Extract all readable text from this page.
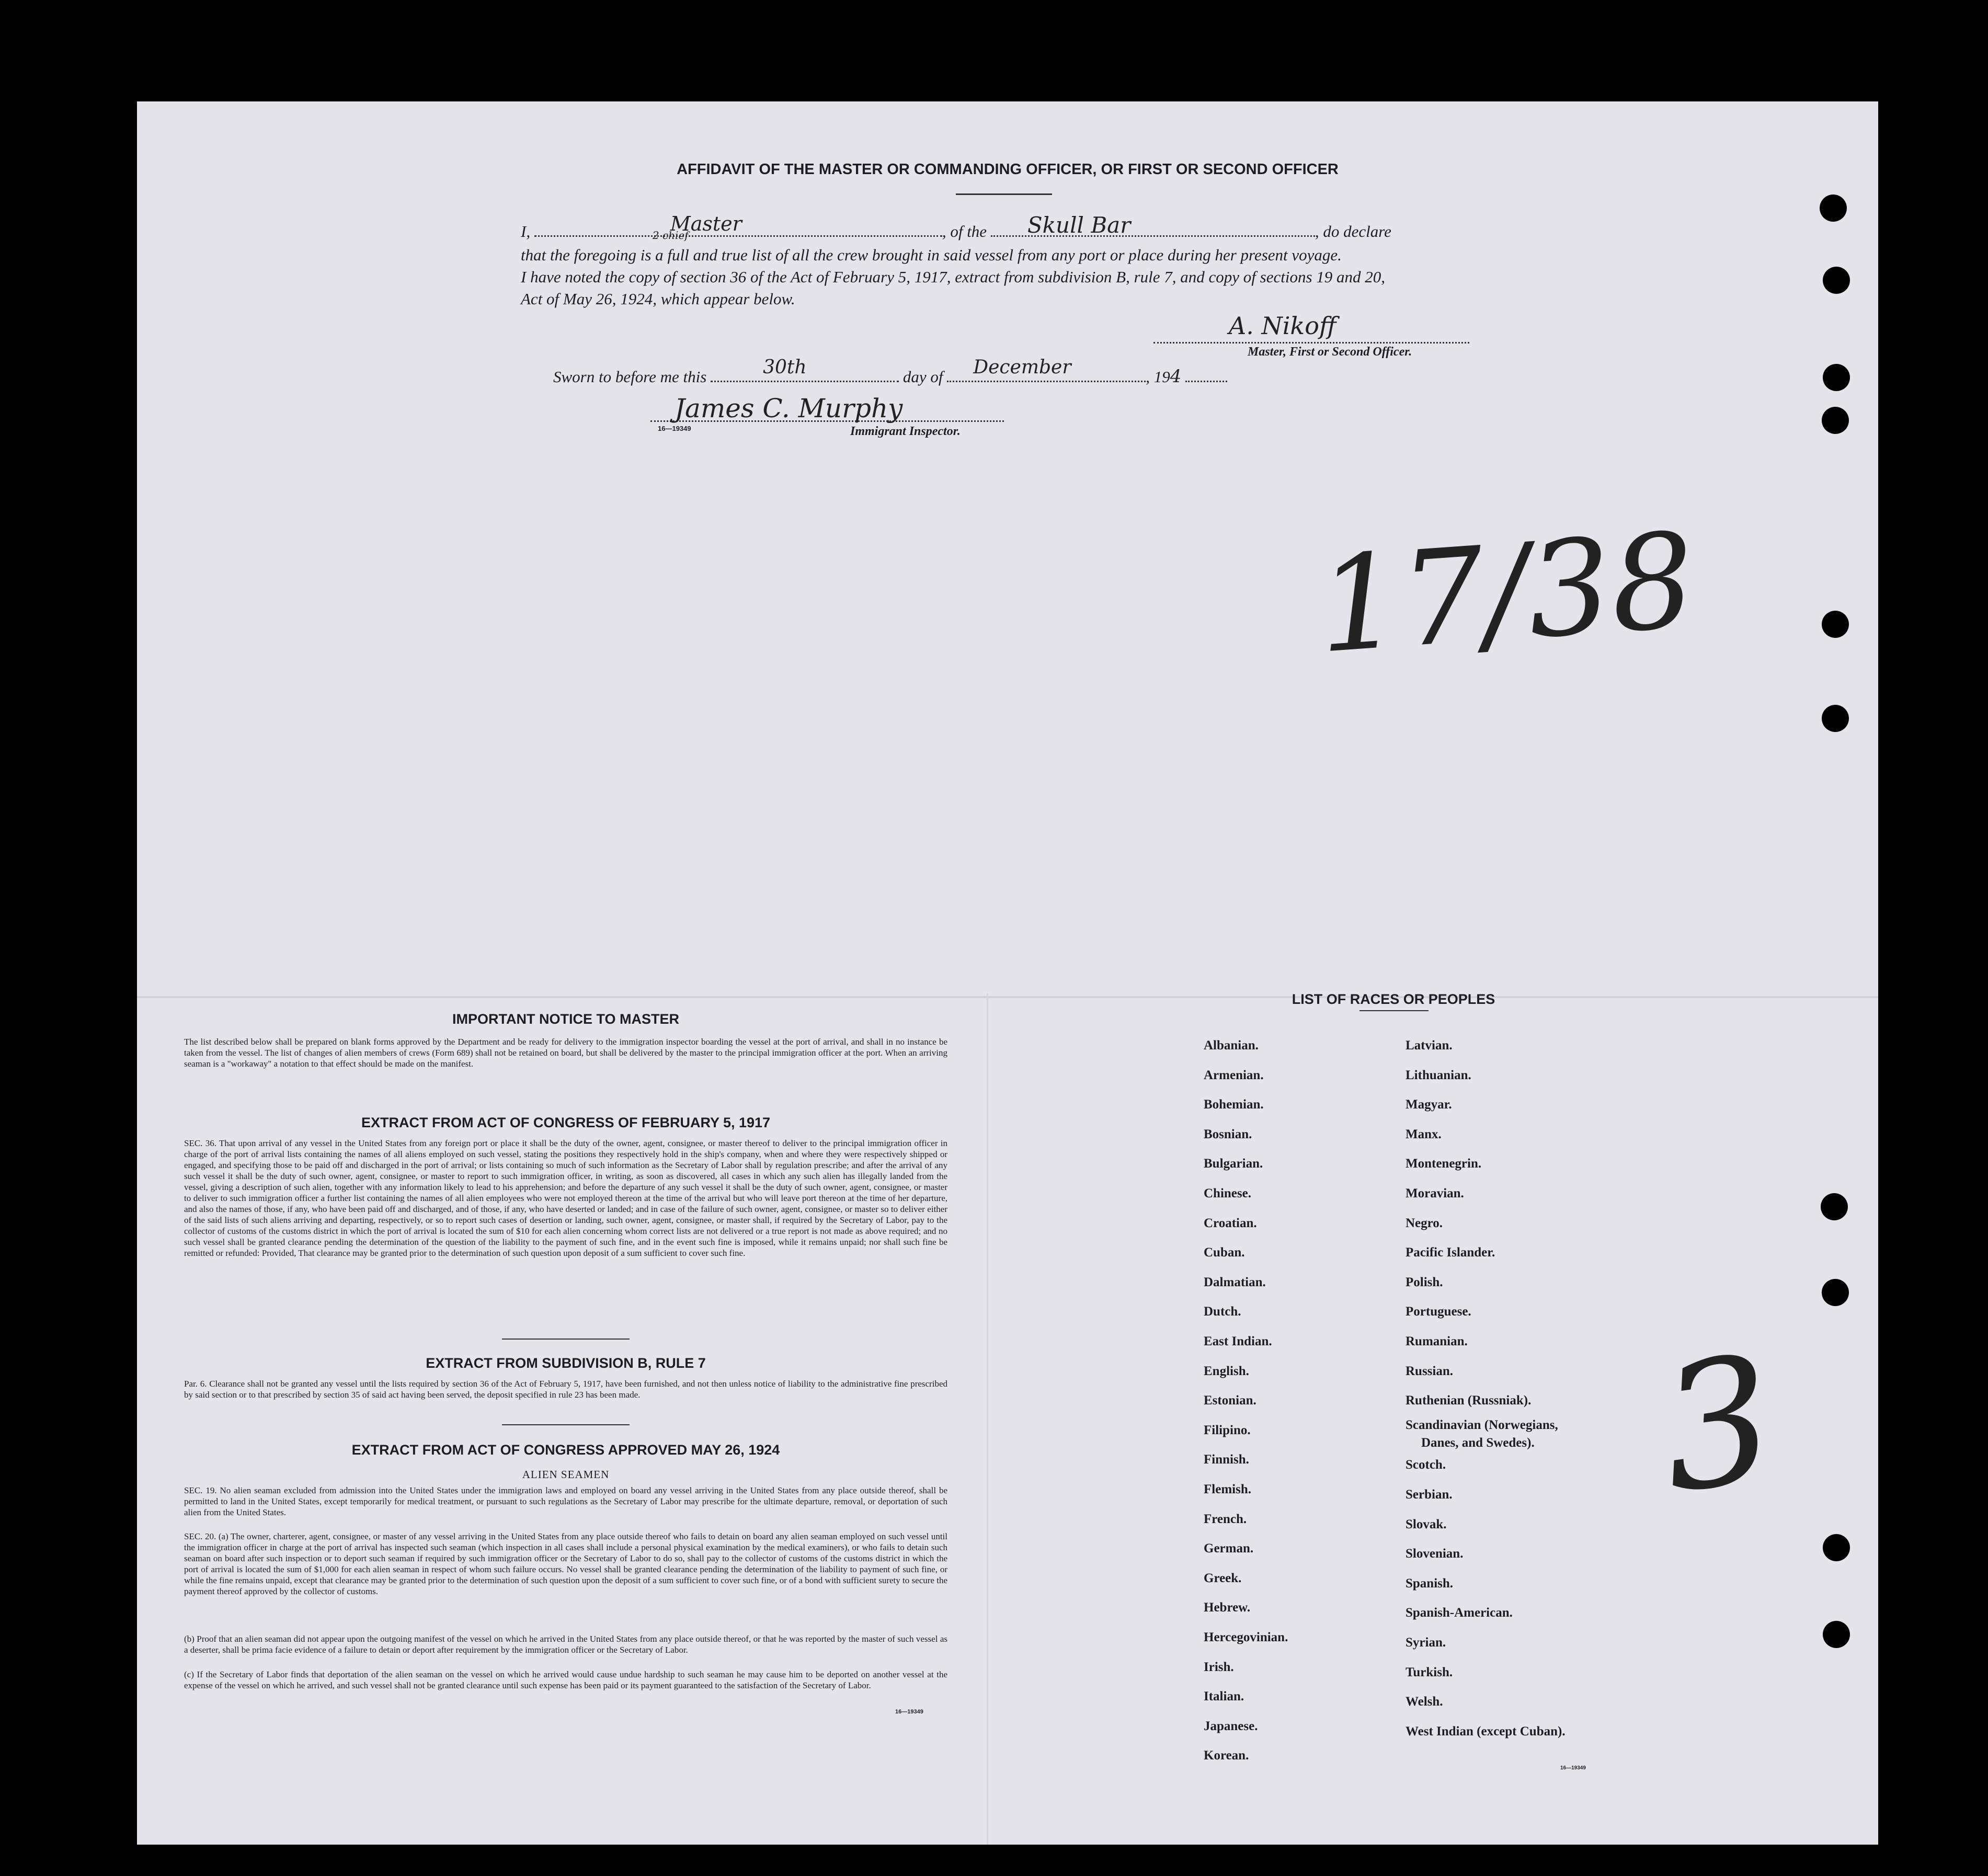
AFFIDAVIT OF THE MASTER OR COMMANDING OFFICER, OR FIRST OR SECOND OFFICER
I,	Master
2 chief	, of the Skull Bar	, do declare
that the foregoing is a full and true list of all the crew brought in said vessel from any port or place during her present voyage.
I have noted the copy of section 36 of the Act of February 5, 1917, extract from subdivision B, rule 7, and copy of sections 19 and 20,
Act of May 26, 1924, which appear below.
A. Nikoff
Master, First or Second Officer.
Sworn to before me this	30th	day of December	, 194
James C. Murphy
16—19349	Immigrant Inspector.
17/38
3
IMPORTANT NOTICE TO MASTER
The list described below shall be prepared on blank forms approved by the Department and be ready for delivery to the immigration inspector boarding the vessel at the port of arrival, and shall in no instance be taken from the vessel. The list of changes of alien members of crews (Form 689) shall not be retained on board, but shall be delivered by the master to the principal immigration officer at the port. When an arriving seaman is a "workaway" a notation to that effect should be made on the manifest.
EXTRACT FROM ACT OF CONGRESS OF FEBRUARY 5, 1917
SEC. 36. That upon arrival of any vessel in the United States from any foreign port or place it shall be the duty of the owner, agent, consignee, or master thereof to deliver to the principal immigration officer in charge of the port of arrival lists containing the names of all aliens employed on such vessel, stating the positions they respectively hold in the ship's company, when and where they were respectively shipped or engaged, and specifying those to be paid off and discharged in the port of arrival; or lists containing so much of such information as the Secretary of Labor shall by regulation prescribe; and after the arrival of any such vessel it shall be the duty of such owner, agent, consignee, or master to report to such immigration officer, in writing, as soon as discovered, all cases in which any such alien has illegally landed from the vessel, giving a description of such alien, together with any information likely to lead to his apprehension; and before the departure of any such vessel it shall be the duty of such owner, agent, consignee, or master to deliver to such immigration officer a further list containing the names of all alien employees who were not employed thereon at the time of the arrival but who will leave port thereon at the time of her departure, and also the names of those, if any, who have been paid off and discharged, and of those, if any, who have deserted or landed; and in case of the failure of such owner, agent, consignee, or master so to deliver either of the said lists of such aliens arriving and departing, respectively, or so to report such cases of desertion or landing, such owner, agent, consignee, or master shall, if required by the Secretary of Labor, pay to the collector of customs of the customs district in which the port of arrival is located the sum of $10 for each alien concerning whom correct lists are not delivered or a true report is not made as above required; and no such vessel shall be granted clearance pending the determination of the question of the liability to the payment of such fine, and in the event such fine is imposed, while it remains unpaid; nor shall such fine be remitted or refunded: Provided, That clearance may be granted prior to the determination of such question upon deposit of a sum sufficient to cover such fine.
EXTRACT FROM SUBDIVISION B, RULE 7
Par. 6. Clearance shall not be granted any vessel until the lists required by section 36 of the Act of February 5, 1917, have been furnished, and not then unless notice of liability to the administrative fine prescribed by said section or to that prescribed by section 35 of said act having been served, the deposit specified in rule 23 has been made.
EXTRACT FROM ACT OF CONGRESS APPROVED MAY 26, 1924
ALIEN SEAMEN
SEC. 19. No alien seaman excluded from admission into the United States under the immigration laws and employed on board any vessel arriving in the United States from any place outside thereof, shall be permitted to land in the United States, except temporarily for medical treatment, or pursuant to such regulations as the Secretary of Labor may prescribe for the ultimate departure, removal, or deportation of such alien from the United States.
SEC. 20. (a) The owner, charterer, agent, consignee, or master of any vessel arriving in the United States from any place outside thereof who fails to detain on board any alien seaman employed on such vessel until the immigration officer in charge at the port of arrival has inspected such seaman (which inspection in all cases shall include a personal physical examination by the medical examiners), or who fails to detain such seaman on board after such inspection or to deport such seaman if required by such immigration officer or the Secretary of Labor to do so, shall pay to the collector of customs of the customs district in which the port of arrival is located the sum of $1,000 for each alien seaman in respect of whom such failure occurs. No vessel shall be granted clearance pending the determination of the liability to payment of such fine, or while the fine remains unpaid, except that clearance may be granted prior to the determination of such question upon the deposit of a sum sufficient to cover such fine, or of a bond with sufficient surety to secure the payment thereof approved by the collector of customs.
(b) Proof that an alien seaman did not appear upon the outgoing manifest of the vessel on which he arrived in the United States from any place outside thereof, or that he was reported by the master of such vessel as a deserter, shall be prima facie evidence of a failure to detain or deport after requirement by the immigration officer or the Secretary of Labor.
(c) If the Secretary of Labor finds that deportation of the alien seaman on the vessel on which he arrived would cause undue hardship to such seaman he may cause him to be deported on another vessel at the expense of the vessel on which he arrived, and such vessel shall not be granted clearance until such expense has been paid or its payment guaranteed to the satisfaction of the Secretary of Labor.
16—19349
LIST OF RACES OR PEOPLES
Albanian.
Armenian.
Bohemian.
Bosnian.
Bulgarian.
Chinese.
Croatian.
Cuban.
Dalmatian.
Dutch.
East Indian.
English.
Estonian.
Filipino.
Finnish.
Flemish.
French.
German.
Greek.
Hebrew.
Hercegovinian.
Irish.
Italian.
Japanese.
Korean.
Latvian.
Lithuanian.
Magyar.
Manx.
Montenegrin.
Moravian.
Negro.
Pacific Islander.
Polish.
Portuguese.
Rumanian.
Russian.
Ruthenian (Russniak).
Scandinavian (Norwegians,
Danes, and Swedes).
Scotch.
Serbian.
Slovak.
Slovenian.
Spanish.
Spanish-American.
Syrian.
Turkish.
Welsh.
West Indian (except Cuban).
16—19349
